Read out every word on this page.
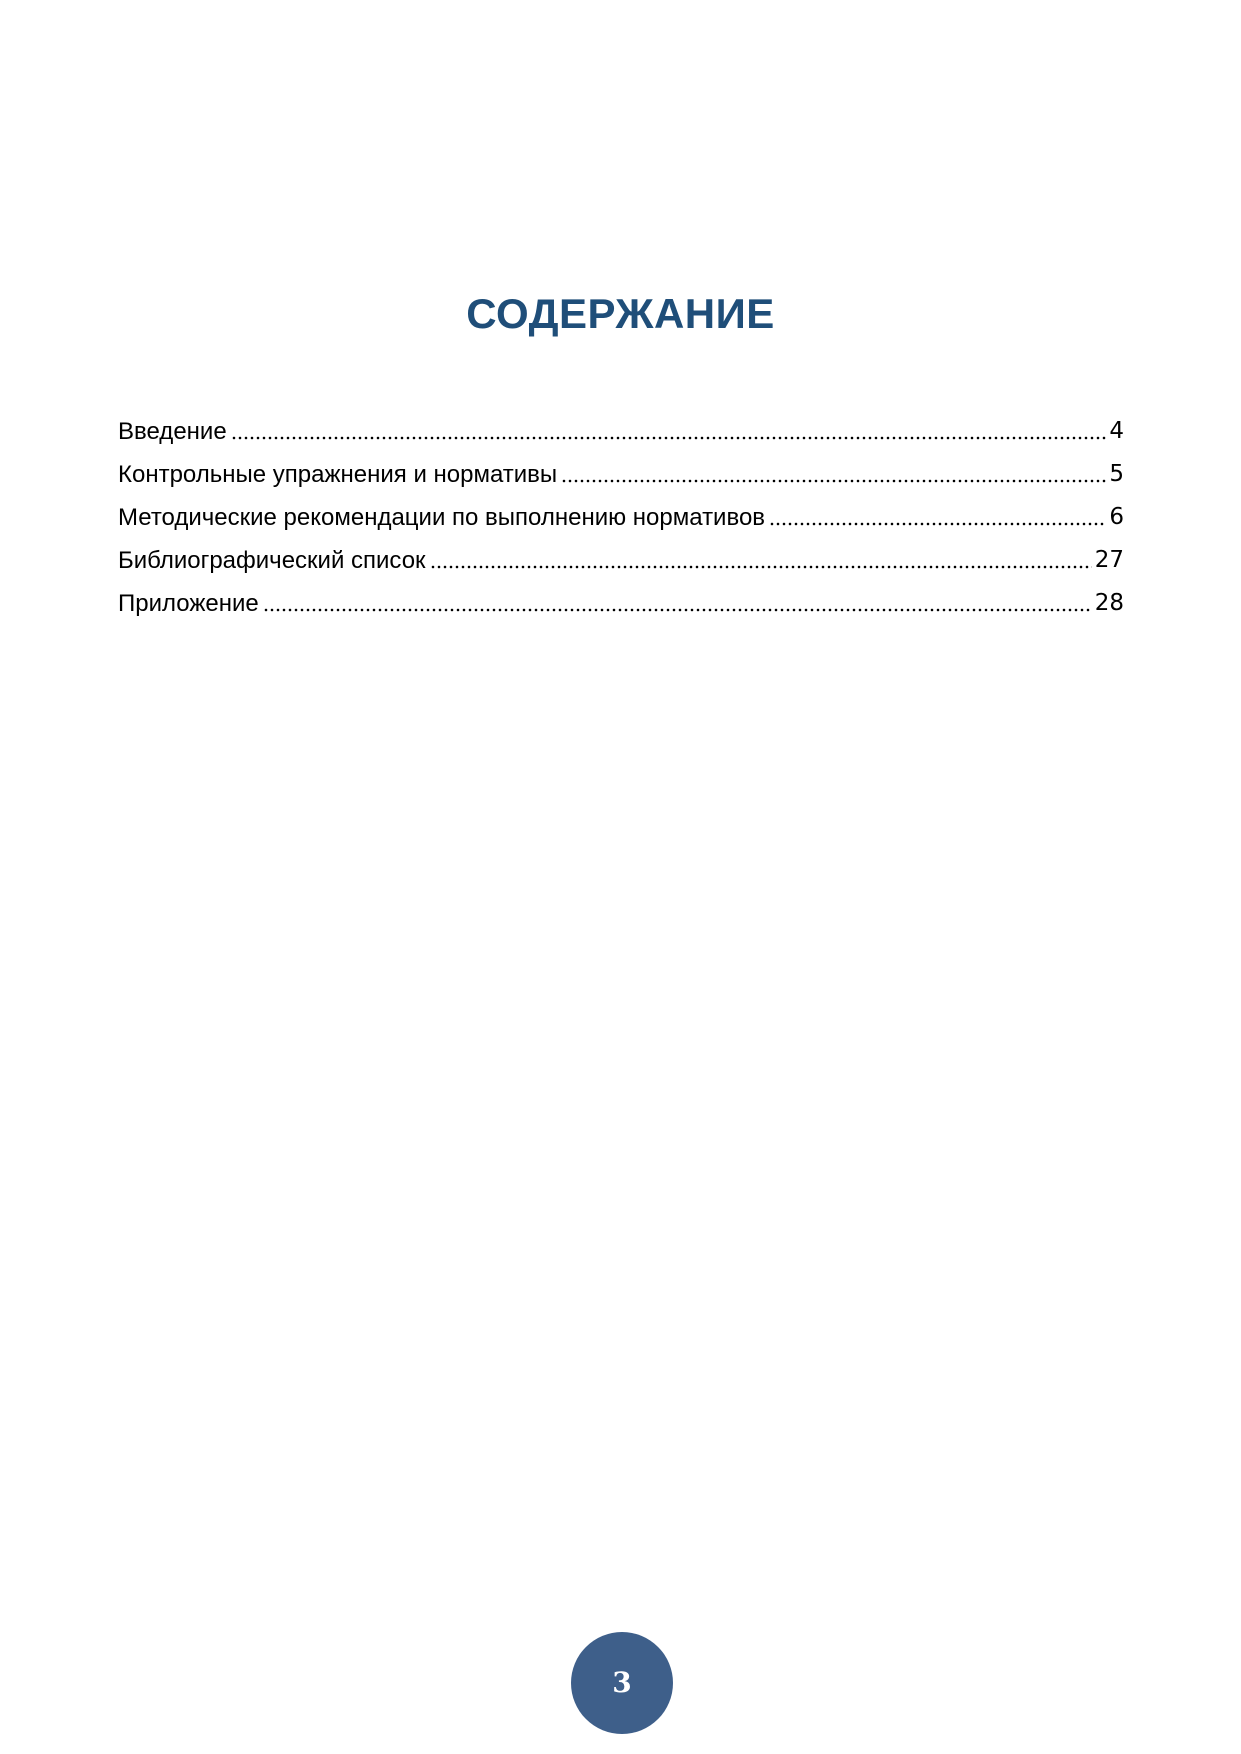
СОДЕРЖАНИЕ
Введение	4
Контрольные упражнения и нормативы	5
Методические рекомендации по выполнению нормативов	6
Библиографический список	27
Приложение	28
3
